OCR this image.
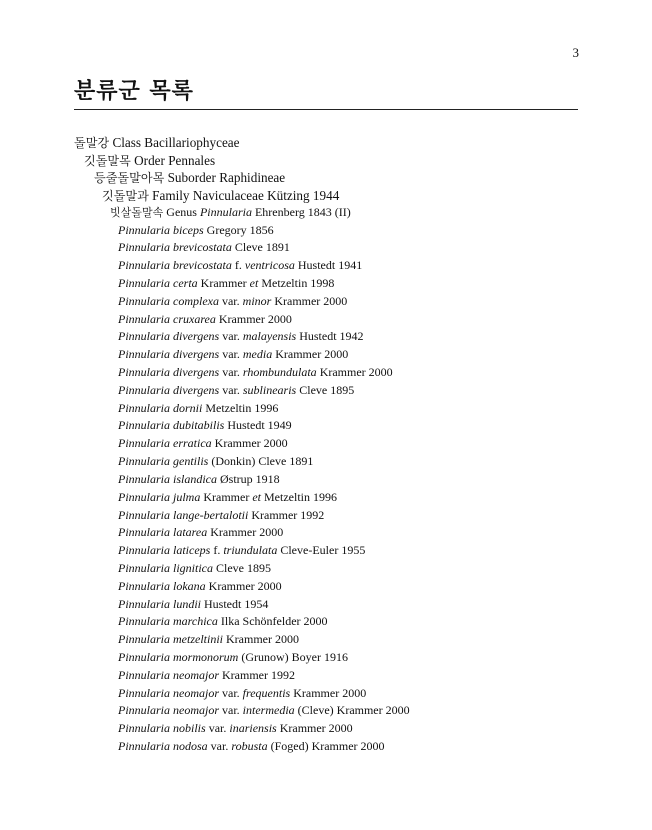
3
분류군 목록
돌말강 Class Bacillariophyceae
깃돌말목 Order Pennales
등줄돌말아목 Suborder Raphidineae
깃돌말과 Family Naviculaceae Kützing 1944
빗살돌말속 Genus Pinnularia Ehrenberg 1843 (II)
Pinnularia biceps Gregory 1856
Pinnularia brevicostata Cleve 1891
Pinnularia brevicostata f. ventricosa Hustedt 1941
Pinnularia certa Krammer et Metzeltin 1998
Pinnularia complexa var. minor Krammer 2000
Pinnularia cruxarea Krammer 2000
Pinnularia divergens var. malayensis Hustedt 1942
Pinnularia divergens var. media Krammer 2000
Pinnularia divergens var. rhombundulata Krammer 2000
Pinnularia divergens var. sublinearis Cleve 1895
Pinnularia dornii Metzeltin 1996
Pinnularia dubitabilis Hustedt 1949
Pinnularia erratica Krammer 2000
Pinnularia gentilis (Donkin) Cleve 1891
Pinnularia islandica Østrup 1918
Pinnularia julma Krammer et Metzeltin 1996
Pinnularia lange-bertalotii Krammer 1992
Pinnularia latarea Krammer 2000
Pinnularia laticeps f. triundulata Cleve-Euler 1955
Pinnularia lignitica Cleve 1895
Pinnularia lokana Krammer 2000
Pinnularia lundii Hustedt 1954
Pinnularia marchica Ilka Schönfelder 2000
Pinnularia metzeltinii Krammer 2000
Pinnularia mormonorum (Grunow) Boyer 1916
Pinnularia neomajor Krammer 1992
Pinnularia neomajor var. frequentis Krammer 2000
Pinnularia neomajor var. intermedia (Cleve) Krammer 2000
Pinnularia nobilis var. inariensis Krammer 2000
Pinnularia nodosa var. robusta (Foged) Krammer 2000
